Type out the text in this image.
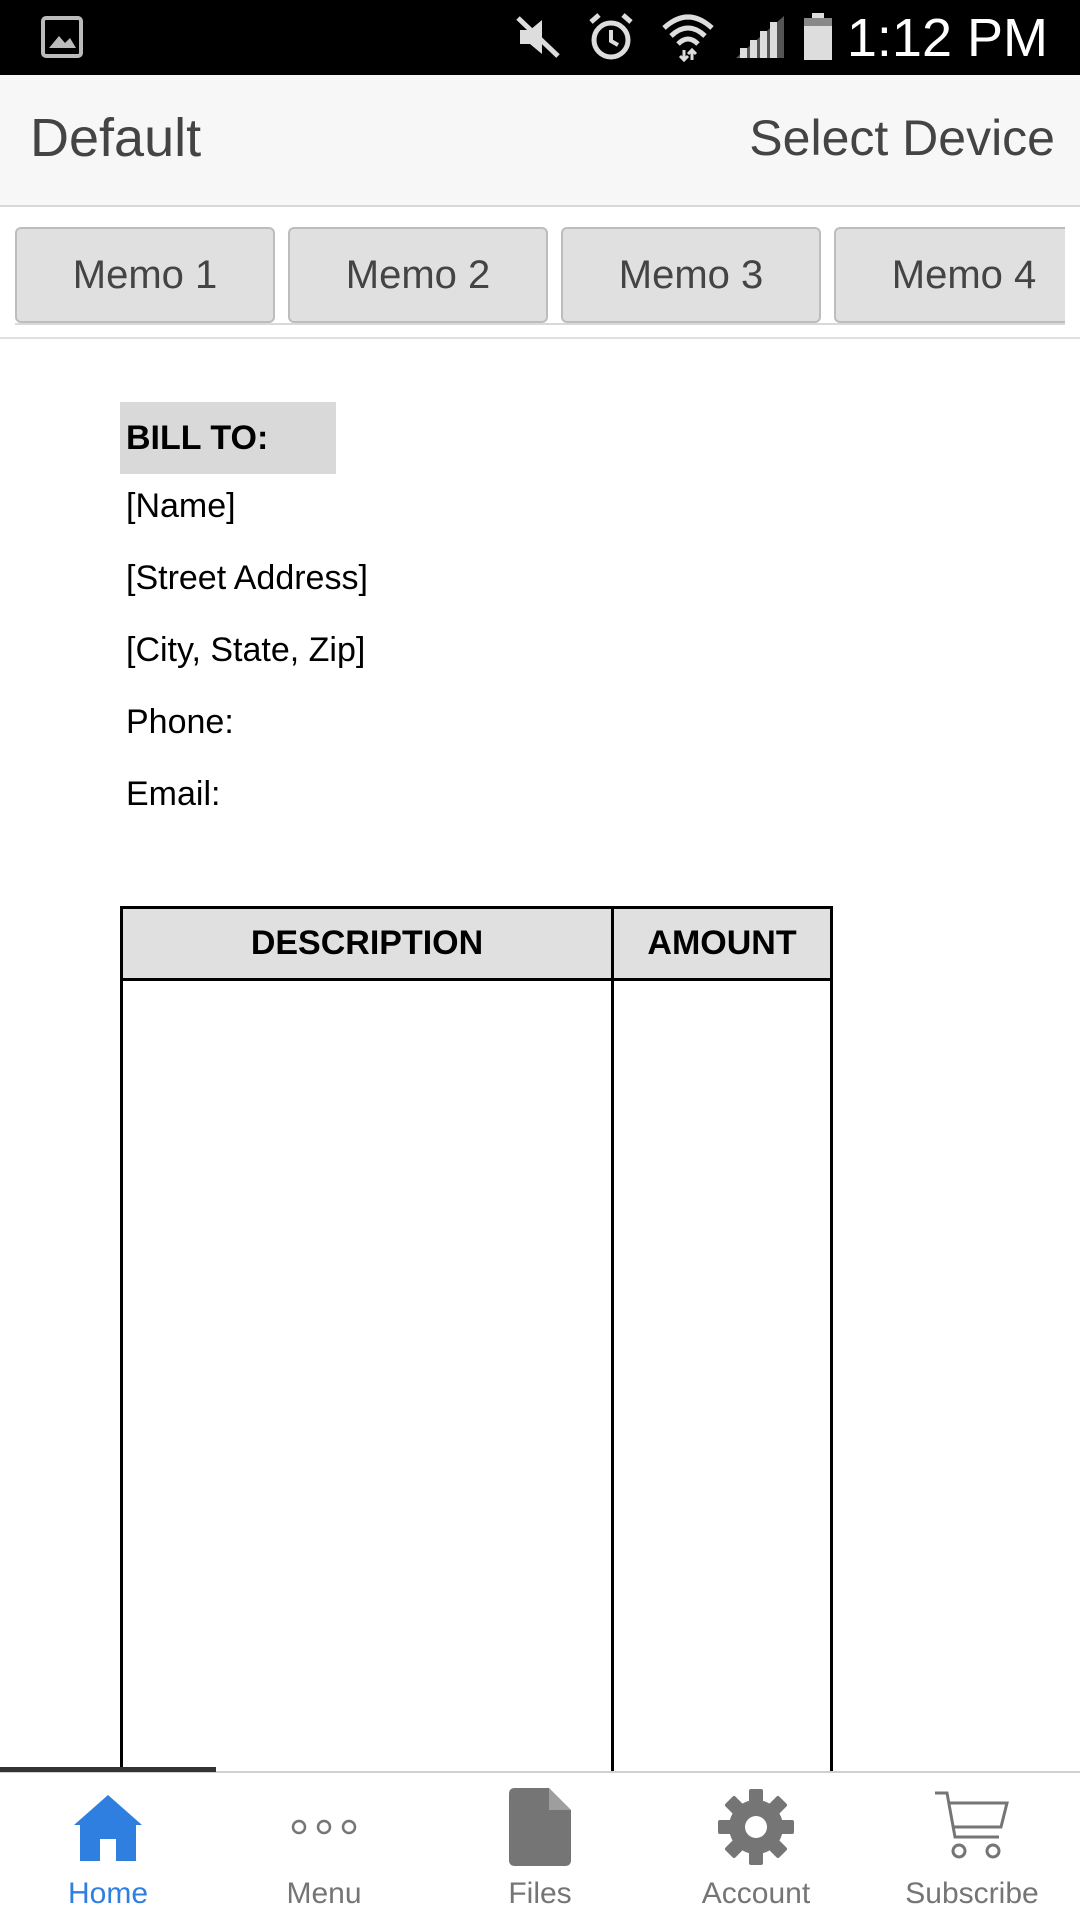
1:12 PM
Default	Select Device
Memo 1	Memo 2	Memo 3	Memo 4
BILL TO:
[Name]
[Street Address]
[City, State, Zip]
Phone:
Email:
DESCRIPTION	AMOUNT
Home	Menu	Files	Account	Subscribe
